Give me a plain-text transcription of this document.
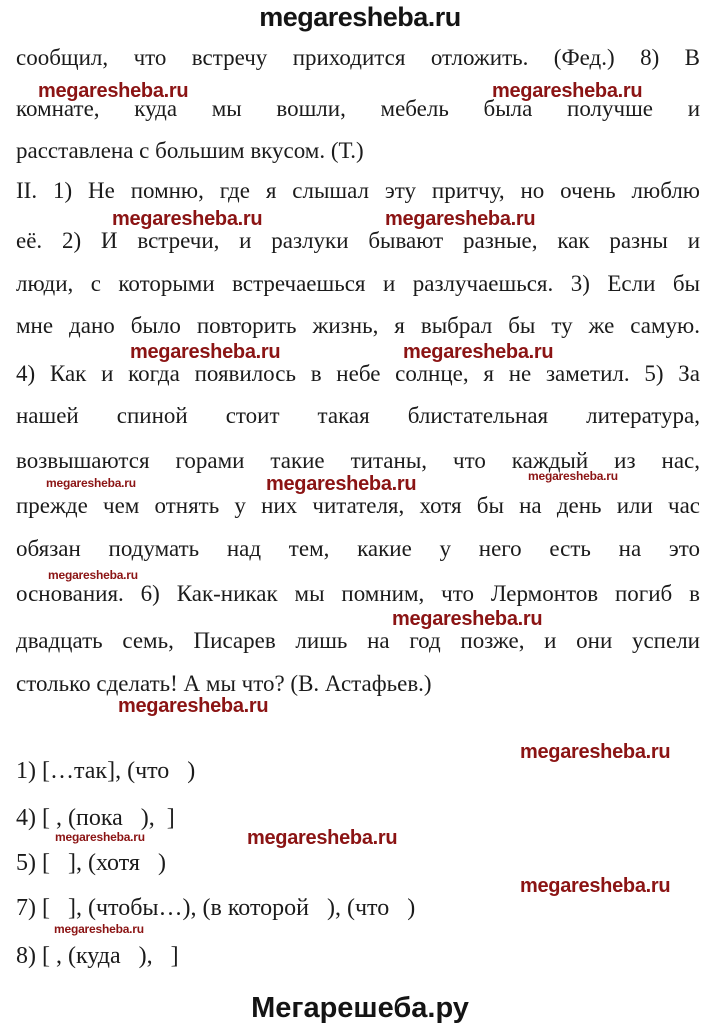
megaresheba.ru
сообщил, что встречу приходится отложить. (Фед.) 8) В
комнате, куда мы вошли, мебель была получше и
расставлена с большим вкусом. (Т.)
II. 1) Не помню, где я слышал эту притчу, но очень люблю
её. 2) И встречи, и разлуки бывают разные, как разны и
люди, с которыми встречаешься и разлучаешься. 3) Если бы
мне дано было повторить жизнь, я выбрал бы ту же самую.
4) Как и когда появилось в небе солнце, я не заметил. 5) За
нашей спиной стоит такая блистательная литература,
возвышаются горами такие титаны, что каждый из нас,
прежде чем отнять у них читателя, хотя бы на день или час
обязан подумать над тем, какие у него есть на это
основания. 6) Как-никак мы помним, что Лермонтов погиб в
двадцать семь, Писарев лишь на год позже, и они успели
столько сделать! А мы что? (В. Астафьев.)
megaresheba.ru	megaresheba.ru
megaresheba.ru	megaresheba.ru
megaresheba.ru	megaresheba.ru
megaresheba.ru	megaresheba.ru	megaresheba.ru
megaresheba.ru
megaresheba.ru
megaresheba.ru
megaresheba.ru
megaresheba.ru	megaresheba.ru
megaresheba.ru
megaresheba.ru
1) […так], (что   )
4) [ , (пока   ),  ]
5) [   ], (хотя   )
7) [   ], (чтобы…), (в которой   ), (что   )
8) [ , (куда   ),   ]
Мегарешеба.ру
